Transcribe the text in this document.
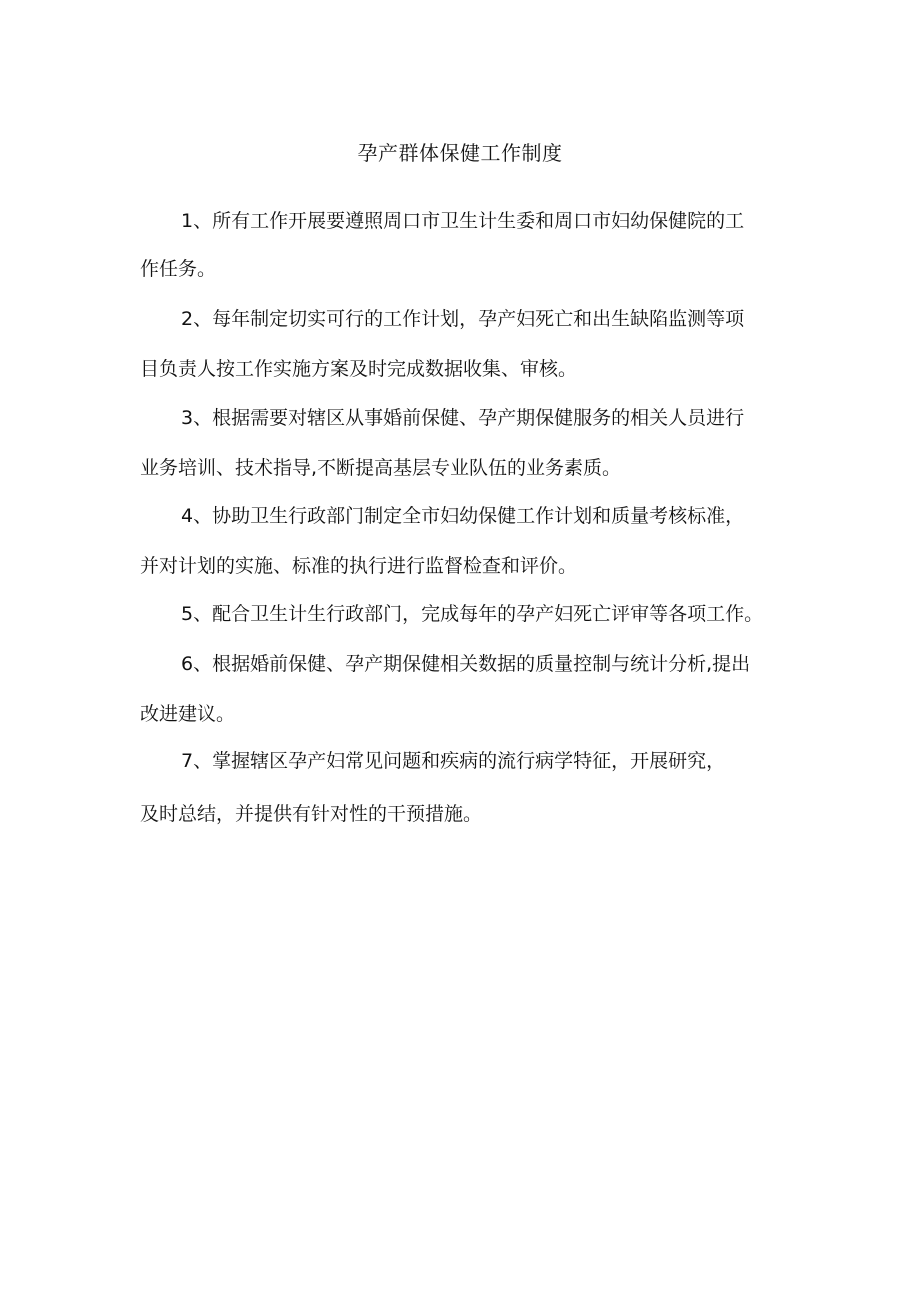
孕产群体保健工作制度
1、所有工作开展要遵照周口市卫生计生委和周口市妇幼保健院的工
作任务。
2、每年制定切实可行的工作计划，孕产妇死亡和出生缺陷监测等项
目负责人按工作实施方案及时完成数据收集、审核。
3、根据需要对辖区从事婚前保健、孕产期保健服务的相关人员进行
业务培训、技术指导,不断提高基层专业队伍的业务素质。
4、协助卫生行政部门制定全市妇幼保健工作计划和质量考核标准，
并对计划的实施、标准的执行进行监督检查和评价。
5、配合卫生计生行政部门，完成每年的孕产妇死亡评审等各项工作。
6、根据婚前保健、孕产期保健相关数据的质量控制与统计分析,提出
改进建议。
7、掌握辖区孕产妇常见问题和疾病的流行病学特征，开展研究，
及时总结，并提供有针对性的干预措施。
